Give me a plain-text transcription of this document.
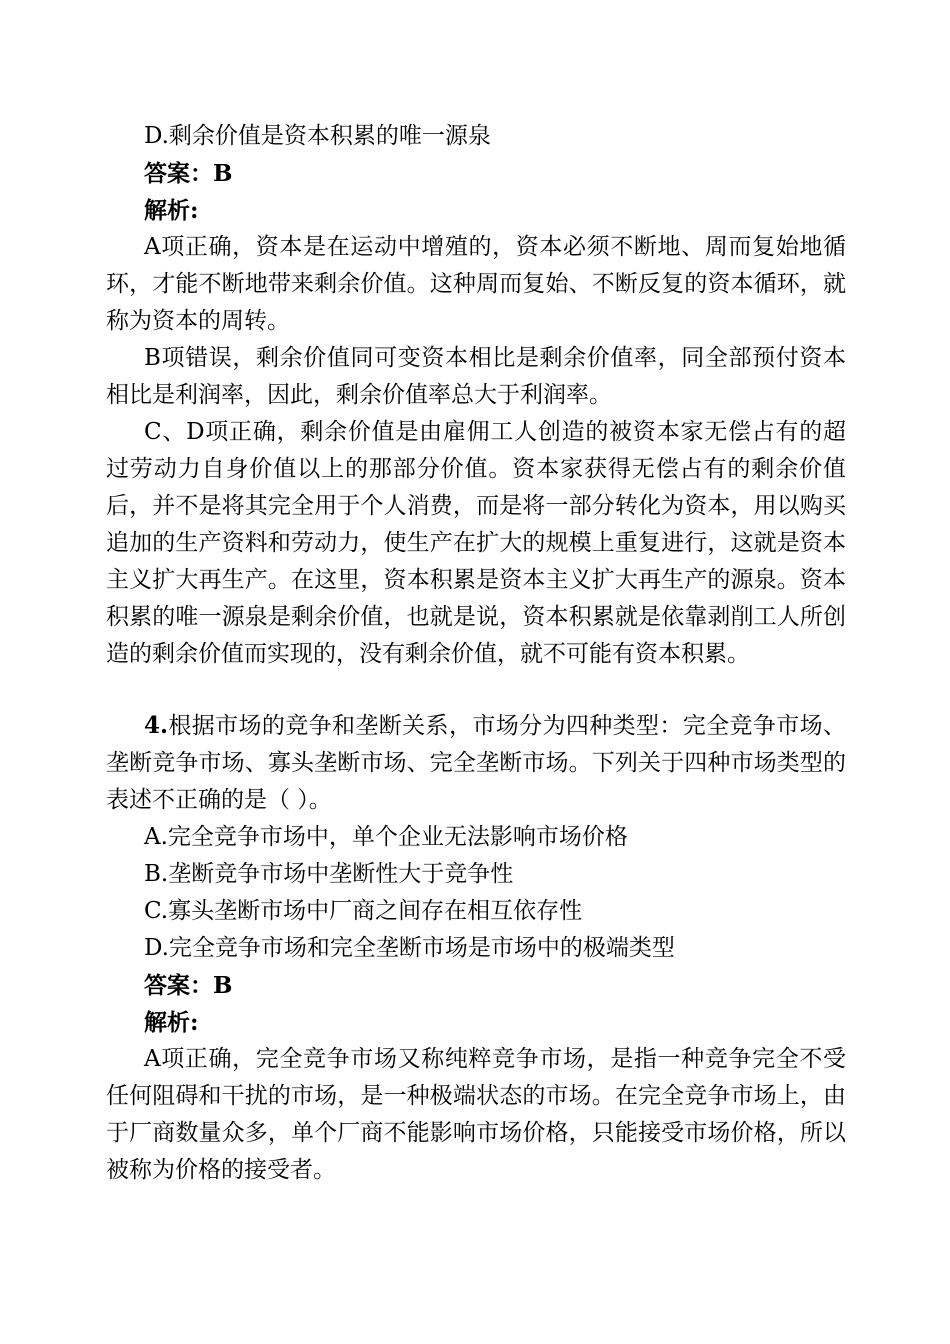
D.剩余价值是资本积累的唯一源泉
答案：B
解析:

A项正确，资本是在运动中增殖的，资本必须不断地、周而复始地循环，才能不断地带来剩余价值。这种周而复始、不断反复的资本循环，就称为资本的周转。

B项错误，剩余价值同可变资本相比是剩余价值率，同全部预付资本相比是利润率，因此，剩余价值率总大于利润率。

C、D项正确，剩余价值是由雇佣工人创造的被资本家无偿占有的超过劳动力自身价值以上的那部分价值。资本家获得无偿占有的剩余价值后，并不是将其完全用于个人消费，而是将一部分转化为资本，用以购买追加的生产资料和劳动力，使生产在扩大的规模上重复进行，这就是资本主义扩大再生产。在这里，资本积累是资本主义扩大再生产的源泉。资本积累的唯一源泉是剩余价值，也就是说，资本积累就是依靠剥削工人所创造的剩余价值而实现的，没有剩余价值，就不可能有资本积累。

4.根据市场的竞争和垄断关系，市场分为四种类型：完全竞争市场、垄断竞争市场、寡头垄断市场、完全垄断市场。下列关于四种市场类型的表述不正确的是（ ）。

A.完全竞争市场中，单个企业无法影响市场价格
B.垄断竞争市场中垄断性大于竞争性
C.寡头垄断市场中厂商之间存在相互依存性
D.完全竞争市场和完全垄断市场是市场中的极端类型
答案：B
解析:

A项正确，完全竞争市场又称纯粹竞争市场，是指一种竞争完全不受任何阻碍和干扰的市场，是一种极端状态的市场。在完全竞争市场上，由于厂商数量众多，单个厂商不能影响市场价格，只能接受市场价格，所以被称为价格的接受者。
